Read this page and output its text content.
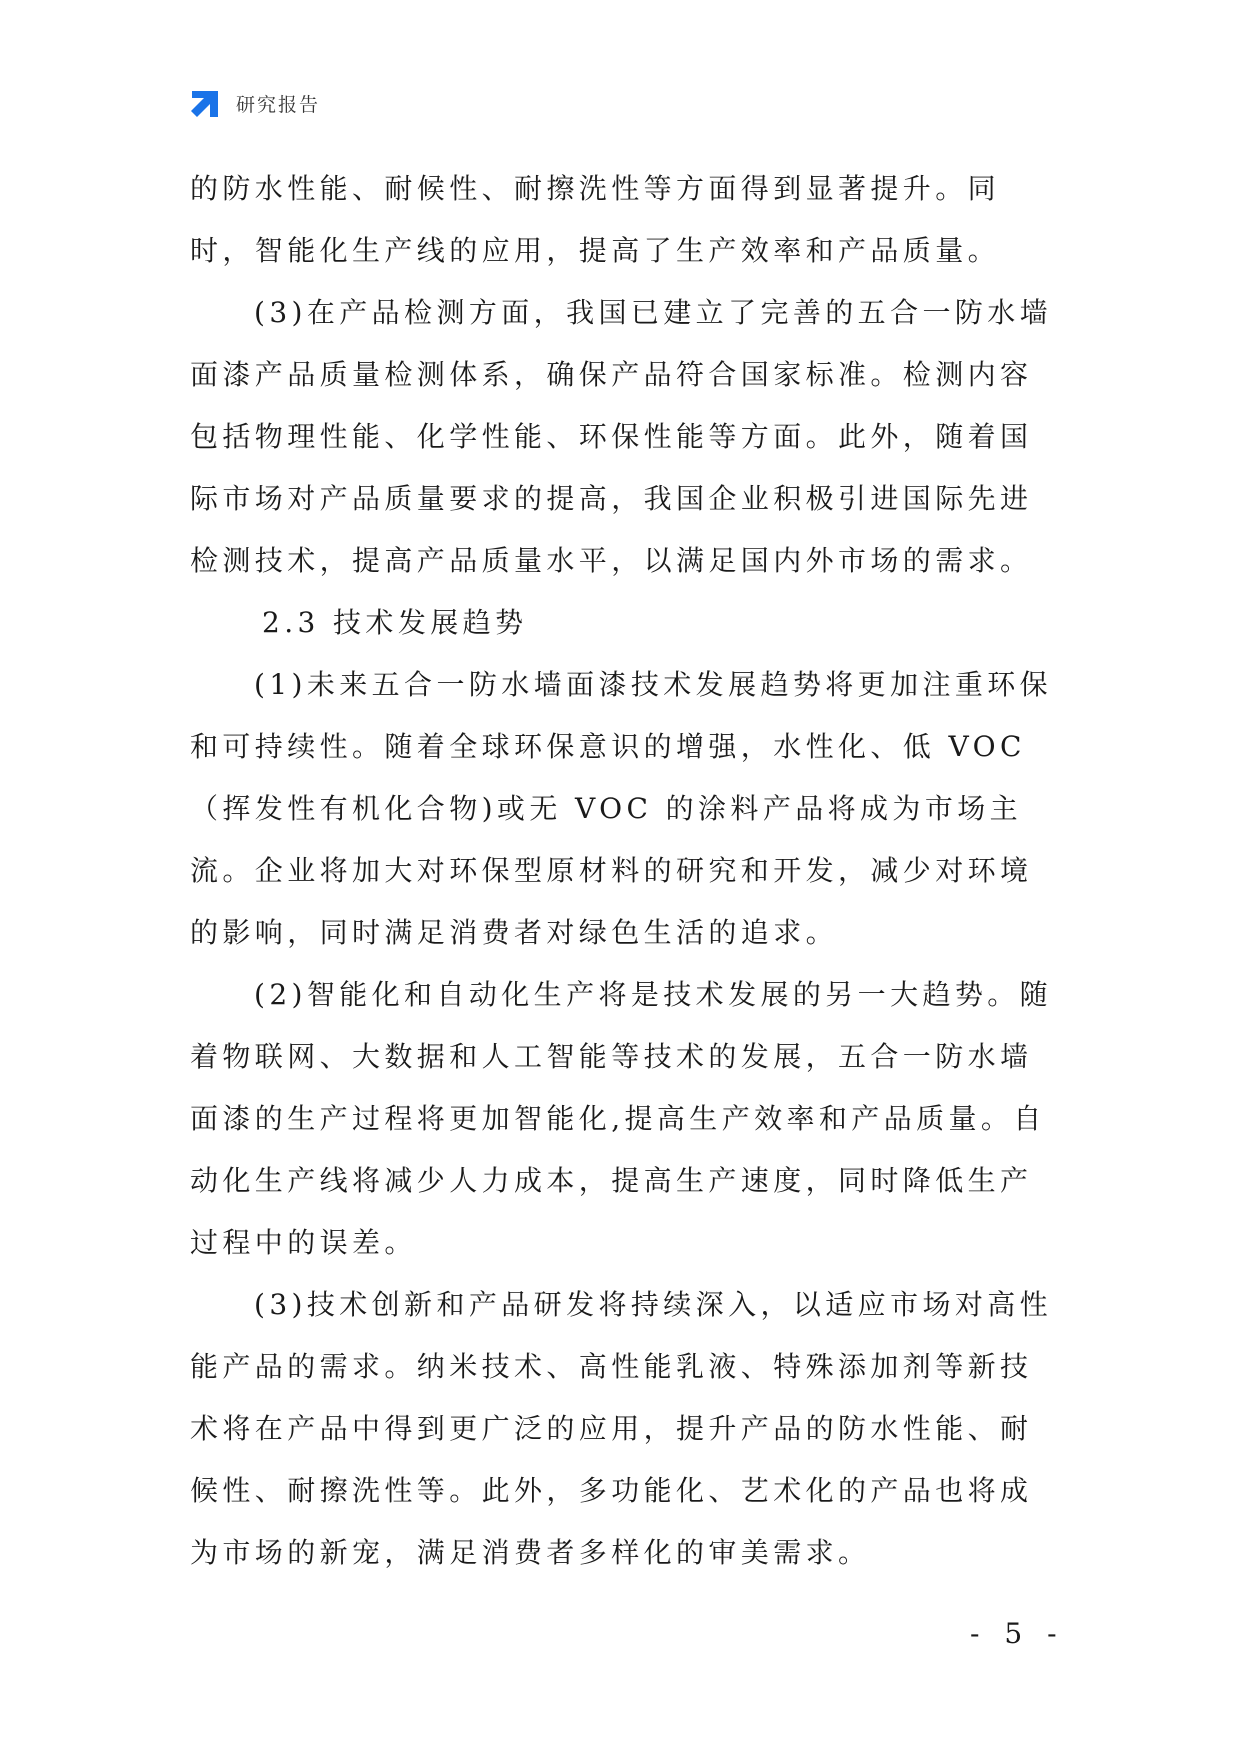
研究报告

的防水性能、耐候性、耐擦洗性等方面得到显著提升。同时，智能化生产线的应用，提高了生产效率和产品质量。

(3)在产品检测方面，我国已建立了完善的五合一防水墙面漆产品质量检测体系，确保产品符合国家标准。检测内容包括物理性能、化学性能、环保性能等方面。此外，随着国际市场对产品质量要求的提高，我国企业积极引进国际先进检测技术，提高产品质量水平，以满足国内外市场的需求。

2.3 技术发展趋势

(1)未来五合一防水墙面漆技术发展趋势将更加注重环保和可持续性。随着全球环保意识的增强，水性化、低 VOC（挥发性有机化合物)或无 VOC 的涂料产品将成为市场主流。企业将加大对环保型原材料的研究和开发，减少对环境的影响，同时满足消费者对绿色生活的追求。

(2)智能化和自动化生产将是技术发展的另一大趋势。随着物联网、大数据和人工智能等技术的发展，五合一防水墙面漆的生产过程将更加智能化,提高生产效率和产品质量。自动化生产线将减少人力成本，提高生产速度，同时降低生产过程中的误差。

(3)技术创新和产品研发将持续深入，以适应市场对高性能产品的需求。纳米技术、高性能乳液、特殊添加剂等新技术将在产品中得到更广泛的应用，提升产品的防水性能、耐候性、耐擦洗性等。此外，多功能化、艺术化的产品也将成为市场的新宠，满足消费者多样化的审美需求。

- 5 -
